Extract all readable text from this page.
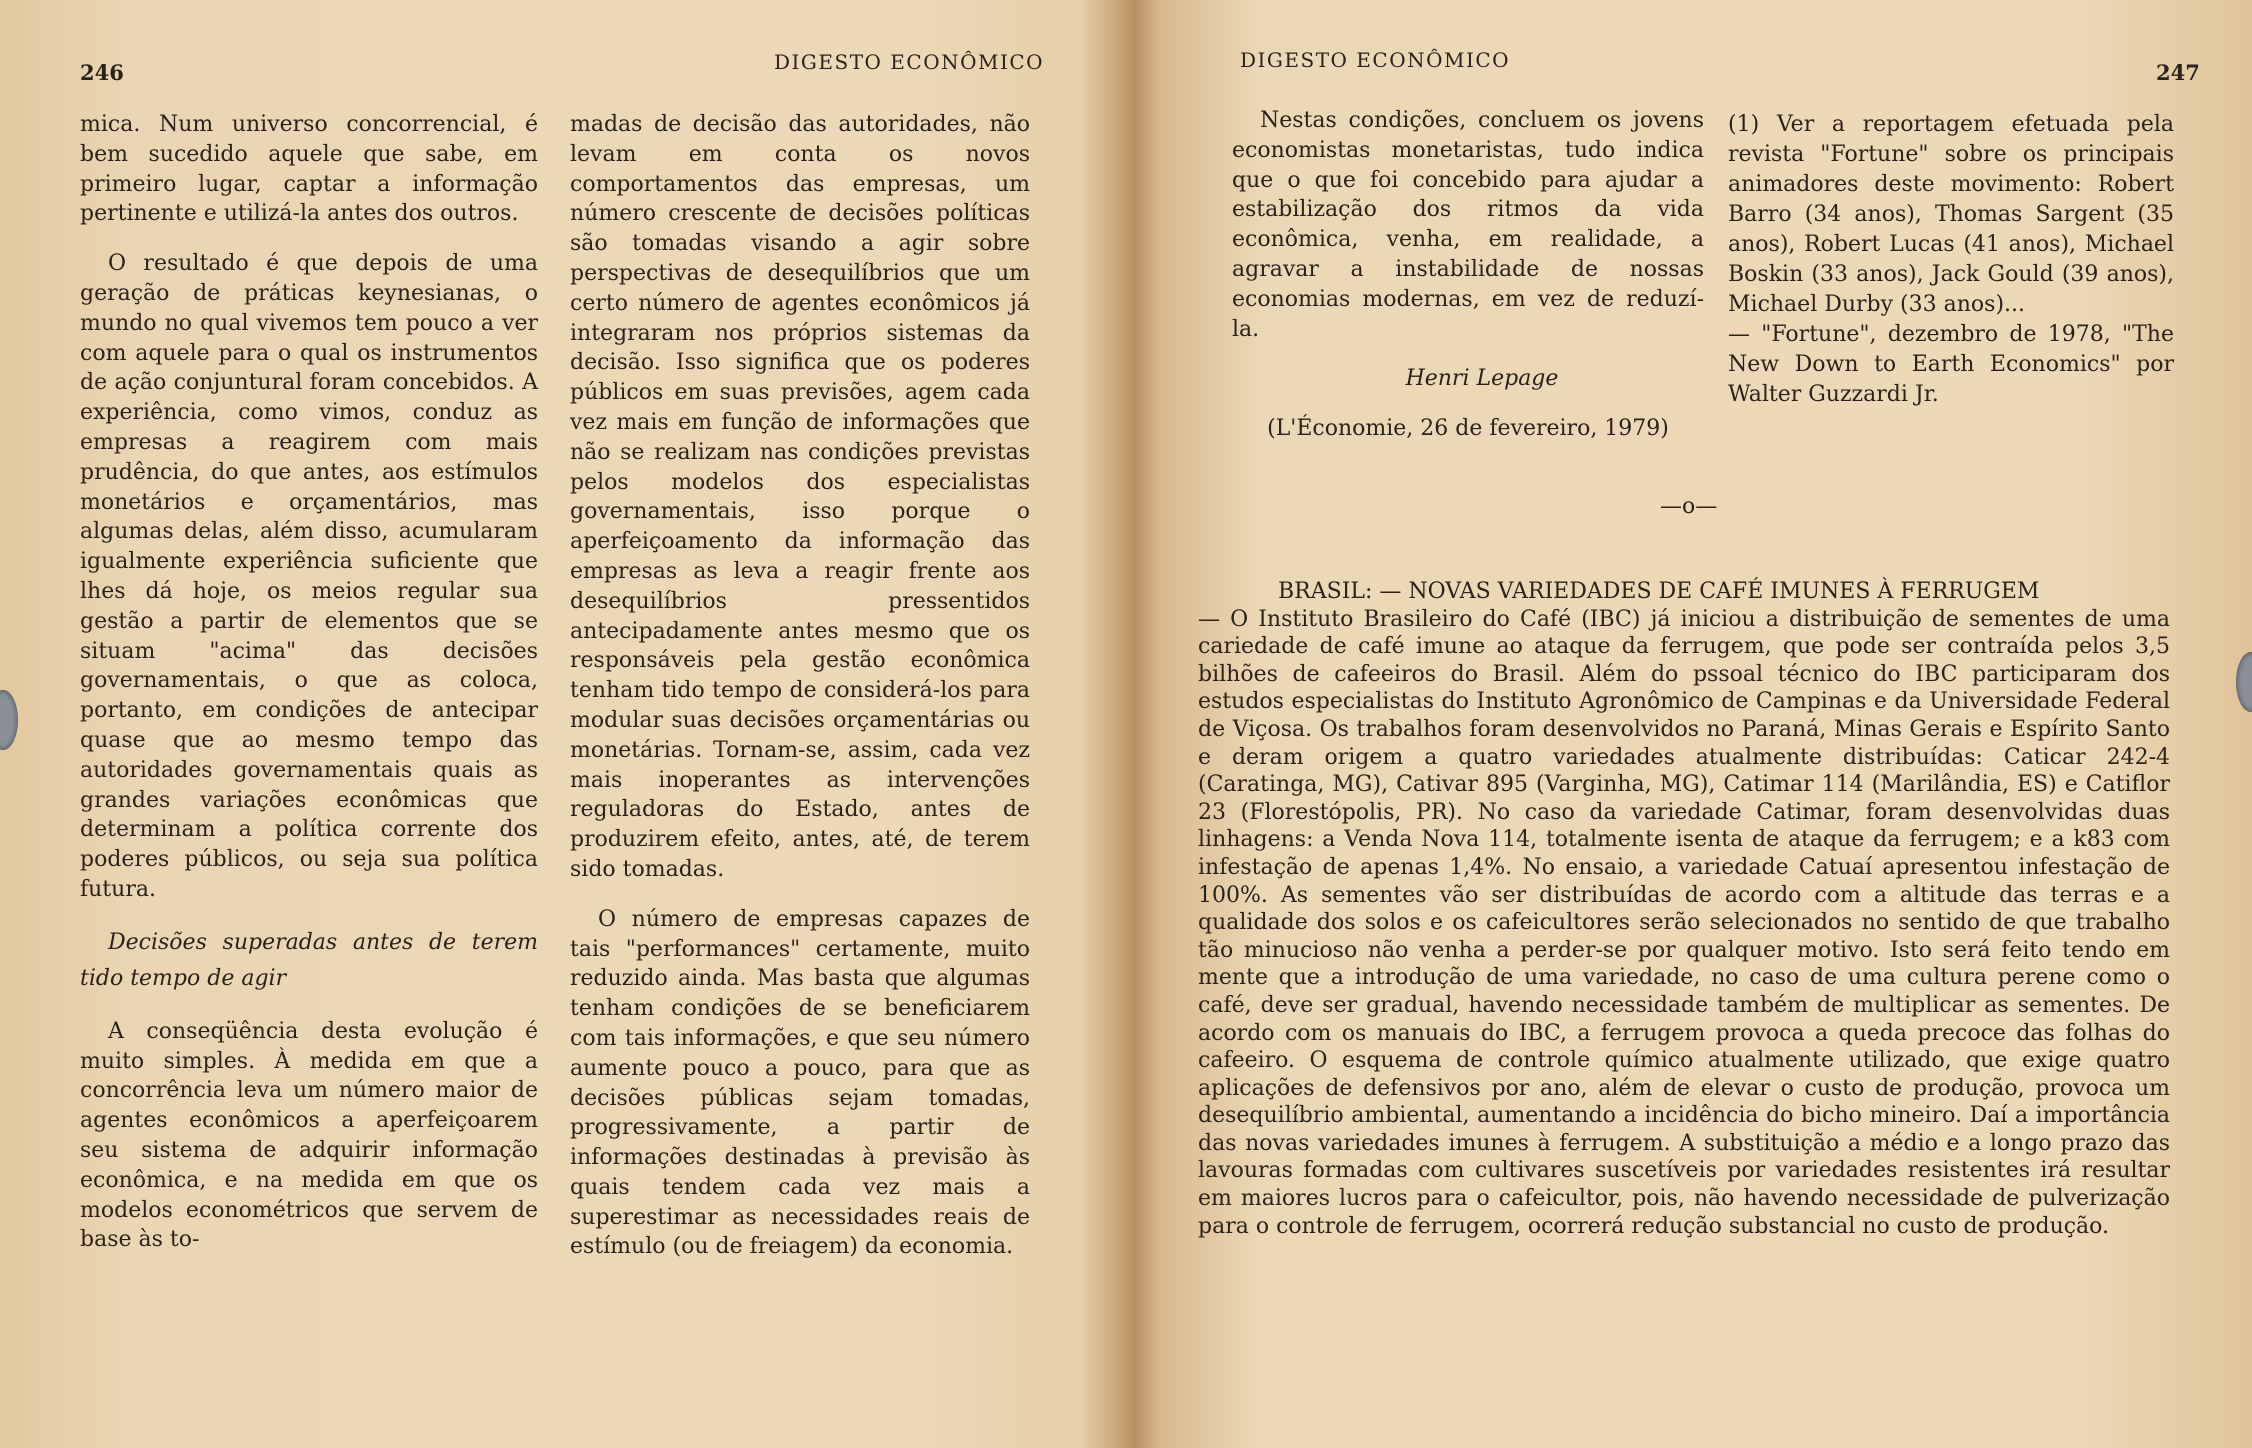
246	DIGESTO ECONÔMICO

mica. Num universo concorrencial, é bem sucedido aquele que sabe, em primeiro lugar, captar a informação pertinente e utilizá-la antes dos outros.

O resultado é que depois de uma geração de práticas keynesianas, o mundo no qual vivemos tem pouco a ver com aquele para o qual os instrumentos de ação conjuntural foram concebidos. A experiência, como vimos, conduz as empresas a reagirem com mais prudência, do que antes, aos estímulos monetários e orçamentários, mas algumas delas, além disso, acumularam igualmente experiência suficiente que lhes dá hoje, os meios regular sua gestão a partir de elementos que se situam "acima" das decisões governamentais, o que as coloca, portanto, em condições de antecipar quase que ao mesmo tempo das autoridades governamentais quais as grandes variações econômicas que determinam a política corrente dos poderes públicos, ou seja sua política futura.

Decisões superadas antes de terem tido tempo de agir

A conseqüência desta evolução é muito simples. À medida em que a concorrência leva um número maior de agentes econômicos a aperfeiçoarem seu sistema de adquirir informação econômica, e na medida em que os modelos econométricos que servem de base às to-

madas de decisão das autoridades, não levam em conta os novos comportamentos das empresas, um número crescente de decisões políticas são tomadas visando a agir sobre perspectivas de desequilíbrios que um certo número de agentes econômicos já integraram nos próprios sistemas da decisão. Isso significa que os poderes públicos em suas previsões, agem cada vez mais em função de informações que não se realizam nas condições previstas pelos modelos dos especialistas governamentais, isso porque o aperfeiçoamento da informação das empresas as leva a reagir frente aos desequilíbrios pressentidos antecipadamente antes mesmo que os responsáveis pela gestão econômica tenham tido tempo de considerá-los para modular suas decisões orçamentárias ou monetárias. Tornam-se, assim, cada vez mais inoperantes as intervenções reguladoras do Estado, antes de produzirem efeito, antes, até, de terem sido tomadas.

O número de empresas capazes de tais "performances" certamente, muito reduzido ainda. Mas basta que algumas tenham condições de se beneficiarem com tais informações, e que seu número aumente pouco a pouco, para que as decisões públicas sejam tomadas, progressivamente, a partir de informações destinadas à previsão às quais tendem cada vez mais a superestimar as necessidades reais de estímulo (ou de freiagem) da economia.

DIGESTO ECONÔMICO	247

Nestas condições, concluem os jovens economistas monetaristas, tudo indica que o que foi concebido para ajudar a estabilização dos ritmos da vida econômica, venha, em realidade, a agravar a instabilidade de nossas economias modernas, em vez de reduzí-la.

Henri Lepage

(L'Économie, 26 de fevereiro, 1979)

(1) Ver a reportagem efetuada pela revista "Fortune" sobre os principais animadores deste movimento: Robert Barro (34 anos), Thomas Sargent (35 anos), Robert Lucas (41 anos), Michael Boskin (33 anos), Jack Gould (39 anos), Michael Durby (33 anos)...

— "Fortune", dezembro de 1978, "The New Down to Earth Economics" por Walter Guzzardi Jr.

—o—

BRASIL: — NOVAS VARIEDADES DE CAFÉ IMUNES À FERRUGEM

— O Instituto Brasileiro do Café (IBC) já iniciou a distribuição de sementes de uma cariedade de café imune ao ataque da ferrugem, que pode ser contraída pelos 3,5 bilhões de cafeeiros do Brasil. Além do pssoal técnico do IBC participaram dos estudos especialistas do Instituto Agronômico de Campinas e da Universidade Federal de Viçosa. Os trabalhos foram desenvolvidos no Paraná, Minas Gerais e Espírito Santo e deram origem a quatro variedades atualmente distribuídas: Caticar 242-4 (Caratinga, MG), Cativar 895 (Varginha, MG), Catimar 114 (Marilândia, ES) e Catiflor 23 (Florestópolis, PR). No caso da variedade Catimar, foram desenvolvidas duas linhagens: a Venda Nova 114, totalmente isenta de ataque da ferrugem; e a k83 com infestação de apenas 1,4%. No ensaio, a variedade Catuaí apresentou infestação de 100%. As sementes vão ser distribuídas de acordo com a altitude das terras e a qualidade dos solos e os cafeicultores serão selecionados no sentido de que trabalho tão minucioso não venha a perder-se por qualquer motivo. Isto será feito tendo em mente que a introdução de uma variedade, no caso de uma cultura perene como o café, deve ser gradual, havendo necessidade também de multiplicar as sementes. De acordo com os manuais do IBC, a ferrugem provoca a queda precoce das folhas do cafeeiro. O esquema de controle químico atualmente utilizado, que exige quatro aplicações de defensivos por ano, além de elevar o custo de produção, provoca um desequilíbrio ambiental, aumentando a incidência do bicho mineiro. Daí a importância das novas variedades imunes à ferrugem. A substituição a médio e a longo prazo das lavouras formadas com cultivares suscetíveis por variedades resistentes irá resultar em maiores lucros para o cafeicultor, pois, não havendo necessidade de pulverização para o controle de ferrugem, ocorrerá redução substancial no custo de produção.
